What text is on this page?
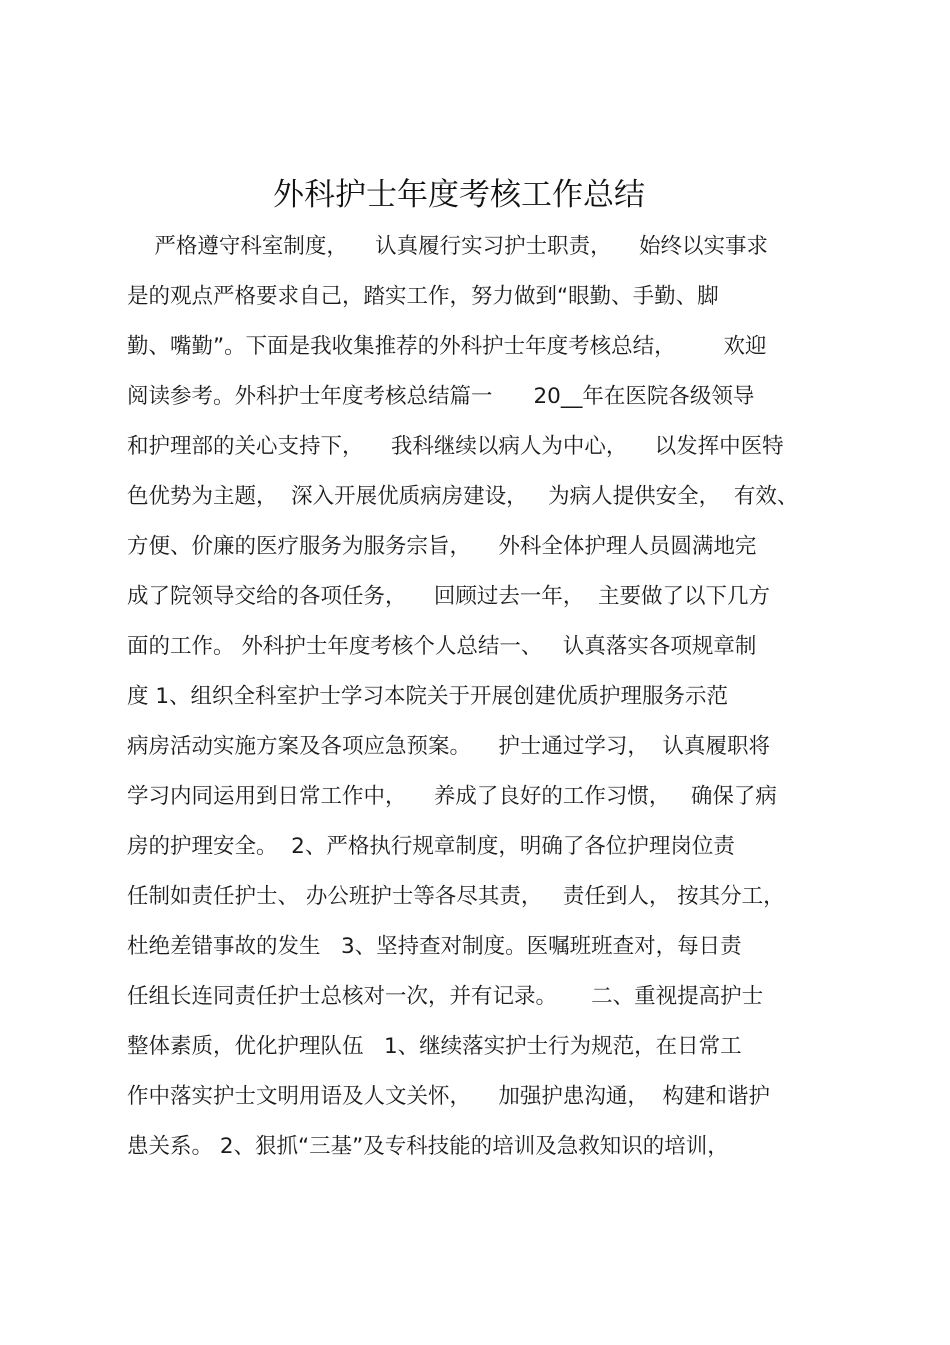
外科护士年度考核工作总结
严格遵守科室制度，    认真履行实习护士职责，    始终以实事求
是的观点严格要求自己，踏实工作，努力做到“眼勤、手勤、脚
勤、嘴勤”。下面是我收集推荐的外科护士年度考核总结，       欢迎
阅读参考。外科护士年度考核总结篇一      20__年在医院各级领导
和护理部的关心支持下，    我科继续以病人为中心，    以发挥中医特
色优势为主题，  深入开展优质病房建设，   为病人提供安全，  有效、
方便、价廉的医疗服务为服务宗旨，    外科全体护理人员圆满地完
成了院领导交给的各项任务，    回顾过去一年，  主要做了以下几方
面的工作。 外科护士年度考核个人总结一、   认真落实各项规章制
度 1、组织全科室护士学习本院关于开展创建优质护理服务示范
病房活动实施方案及各项应急预案。    护士通过学习，  认真履职将
学习内同运用到日常工作中，    养成了良好的工作习惯，   确保了病
房的护理安全。  2、严格执行规章制度，明确了各位护理岗位责
任制如责任护士、 办公班护士等各尽其责，   责任到人， 按其分工，
杜绝差错事故的发生   3、坚持查对制度。医嘱班班查对，每日责
任组长连同责任护士总核对一次，并有记录。     二、重视提高护士
整体素质，优化护理队伍   1、继续落实护士行为规范，在日常工
作中落实护士文明用语及人文关怀，    加强护患沟通，  构建和谐护
患关系。 2、狠抓“三基”及专科技能的培训及急救知识的培训，
